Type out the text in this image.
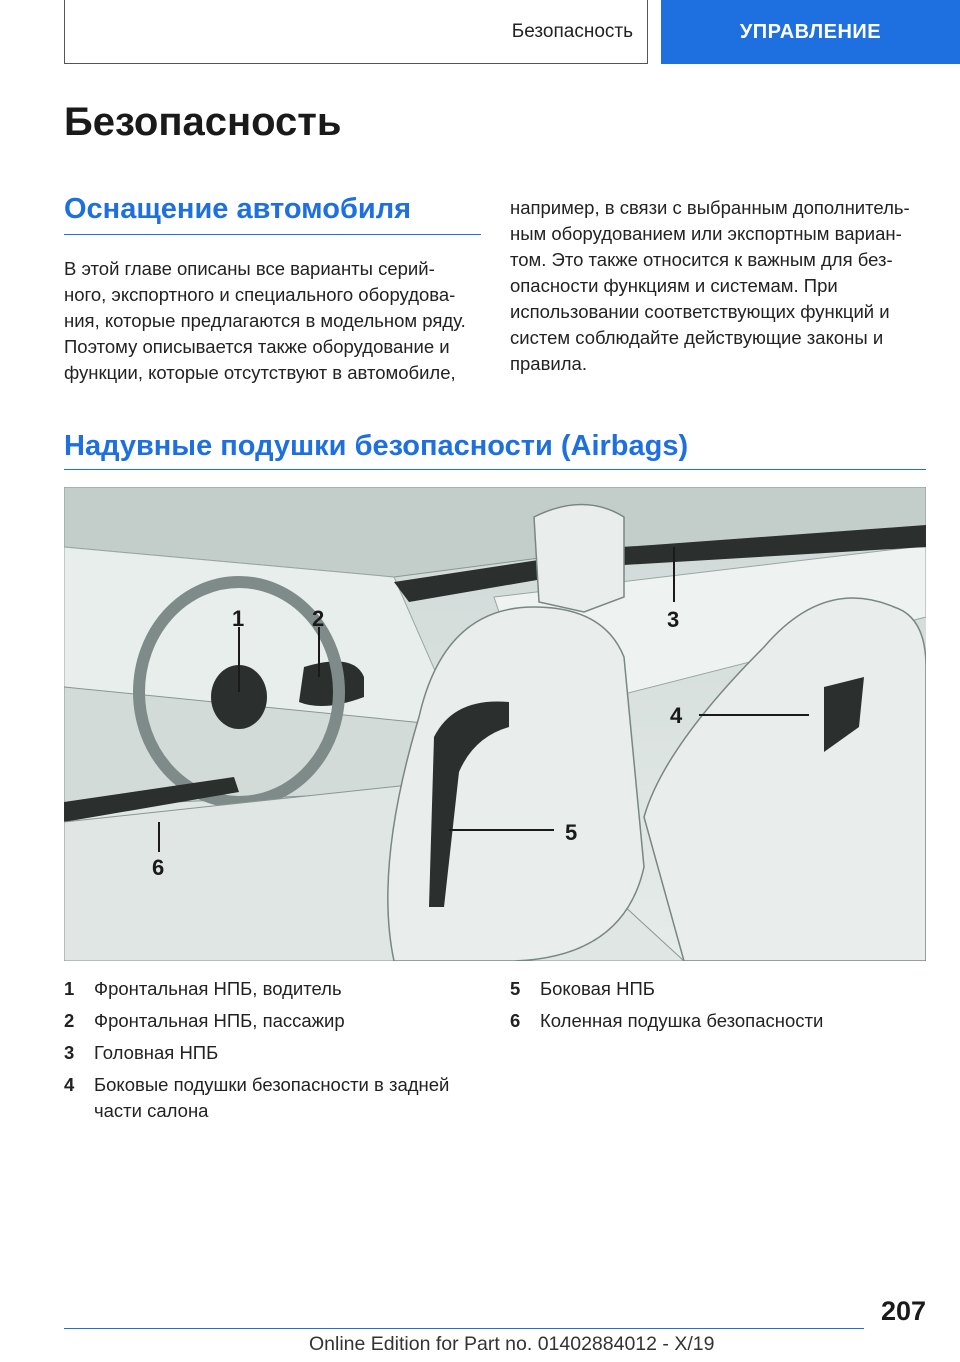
Безопасность	УПРАВЛЕНИЕ
Безопасность
Оснащение автомобиля
В этой главе описаны все варианты серий-
ного, экспортного и специального оборудова-
ния, которые предлагаются в модельном ряду.
Поэтому описывается также оборудование и
функции, которые отсутствуют в автомобиле,
например, в связи с выбранным дополнитель-
ным оборудованием или экспортным вариан-
том. Это также относится к важным для без-
опасности функциям и системам. При
использовании соответствующих функций и
систем соблюдайте действующие законы и
правила.
Надувные подушки безопасности (Airbags)
1	2	3
4
5
6
1	Фронтальная НПБ, водитель
2	Фронтальная НПБ, пассажир
3	Головная НПБ
4	Боковые подушки безопасности в задней
части салона
5	Боковая НПБ
6	Коленная подушка безопасности
207
Online Edition for Part no. 01402884012 - X/19
